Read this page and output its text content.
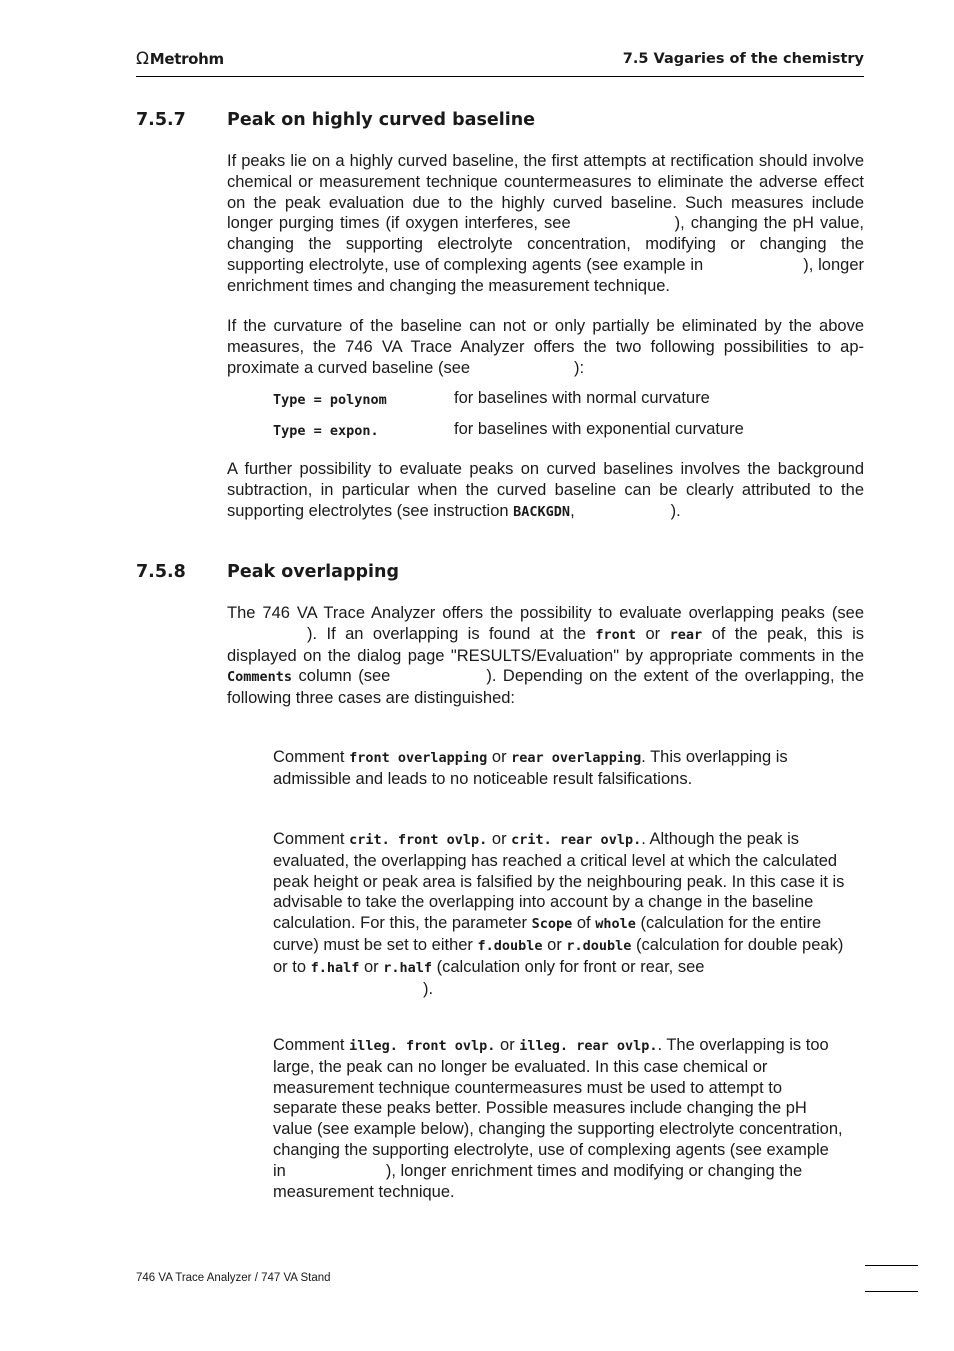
Ω Metrohm	7.5 Vagaries of the chemistry
7.5.7 Peak on highly curved baseline

If peaks lie on a highly curved baseline, the first attempts at rectification should involve chemical or measurement technique countermeasures to eliminate the adverse effect on the peak evaluation due to the highly curved baseline. Such measures include longer purging times (if oxygen interferes, see	), changing the pH value, changing the supporting electrolyte concentration, modifying or changing the supporting electrolyte, use of complexing agents (see example in	), longer enrichment times and changing the measurement technique.

If the curvature of the baseline can not or only partially be eliminated by the above measures, the 746 VA Trace Analyzer offers the two following possibilities to approximate a curved baseline (see	):

Type = polynom	for baselines with normal curvature
Type = expon.	for baselines with exponential curvature

A further possibility to evaluate peaks on curved baselines involves the background subtraction, in particular when the curved baseline can be clearly attributed to the supporting electrolytes (see instruction BACKGDN,	).

7.5.8 Peak overlapping

The 746 VA Trace Analyzer offers the possibility to evaluate overlapping peaks (see ). If an overlapping is found at the front or rear of the peak, this is displayed on the dialog page "RESULTS/Evaluation" by appropriate comments in the Comments column (see	). Depending on the extent of the overlapping, the following three cases are distinguished:

Comment front overlapping or rear overlapping. This overlapping is admissible and leads to no noticeable result falsifications.

Comment crit. front ovlp. or crit. rear ovlp.. Although the peak is evaluated, the overlapping has reached a critical level at which the calculated peak height or peak area is falsified by the neighbouring peak. In this case it is advisable to take the overlapping into account by a change in the baseline calculation. For this, the parameter Scope of whole (calculation for the entire curve) must be set to either f.double or r.double (calculation for double peak) or to f.half or r.half (calculation only for front or rear, see).

Comment illeg. front ovlp. or illeg. rear ovlp.. The overlapping is too large, the peak can no longer be evaluated. In this case chemical or measurement technique countermeasures must be used to attempt to separate these peaks better. Possible measures include changing the pH value (see example below), changing the supporting electrolyte concentration, changing the supporting electrolyte, use of complexing agents (see example in	), longer enrichment times and modifying or changing the measurement technique.

746 VA Trace Analyzer / 747 VA Stand
